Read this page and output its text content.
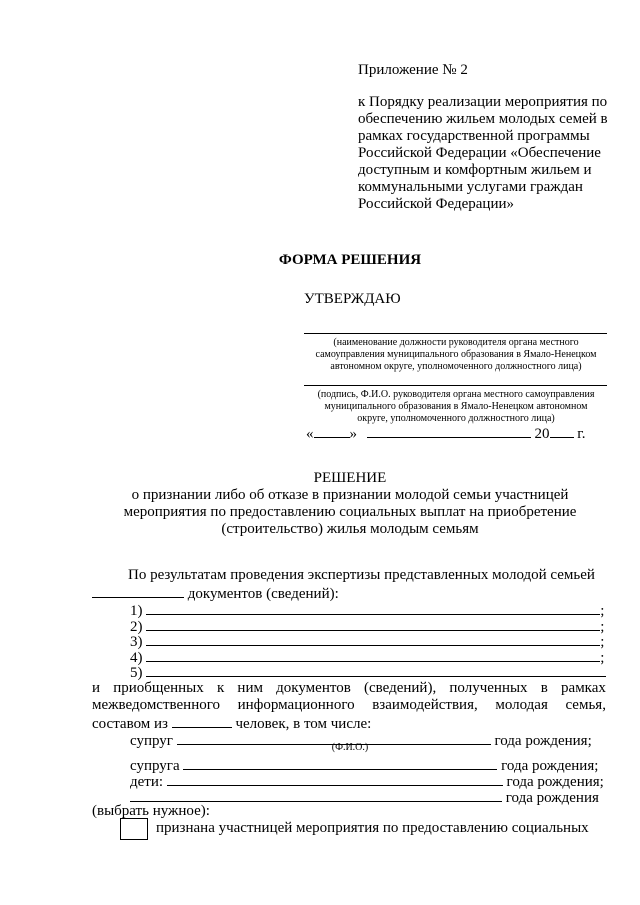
Приложение № 2
к Порядку реализации мероприятия по
обеспечению жильем молодых семей в
рамках государственной программы
Российской Федерации «Обеспечение
доступным и комфортным жильем и
коммунальными услугами граждан
Российской Федерации»
ФОРМА РЕШЕНИЯ
УТВЕРЖДАЮ
(наименование должности руководителя органа местного
самоуправления муниципального образования в Ямало-Ненецком
автономном округе, уполномоченного должностного лица)
(подпись, Ф.И.О. руководителя органа местного самоуправления
муниципального образования в Ямало-Ненецком автономном
округе, уполномоченного должностного лица)
« »	20 г.
РЕШЕНИЕ
о признании либо об отказе в признании молодой семьи участницей
мероприятия по предоставлению социальных выплат на приобретение
(строительство) жилья молодым семьям
По результатам проведения экспертизы представленных молодой семьей
документов (сведений):
1)	;
2)	;
3)	;
4)	;
5)
и приобщенных к ним документов (сведений), полученных в рамках
межведомственного информационного взаимодействия, молодая семья,
составом из	человек, в том числе:
супруг	года рождения;
(Ф.И.О.)
супруга	года рождения;
дети:	года рождения;
года рождения
(выбрать нужное):
признана участницей мероприятия по предоставлению социальных
